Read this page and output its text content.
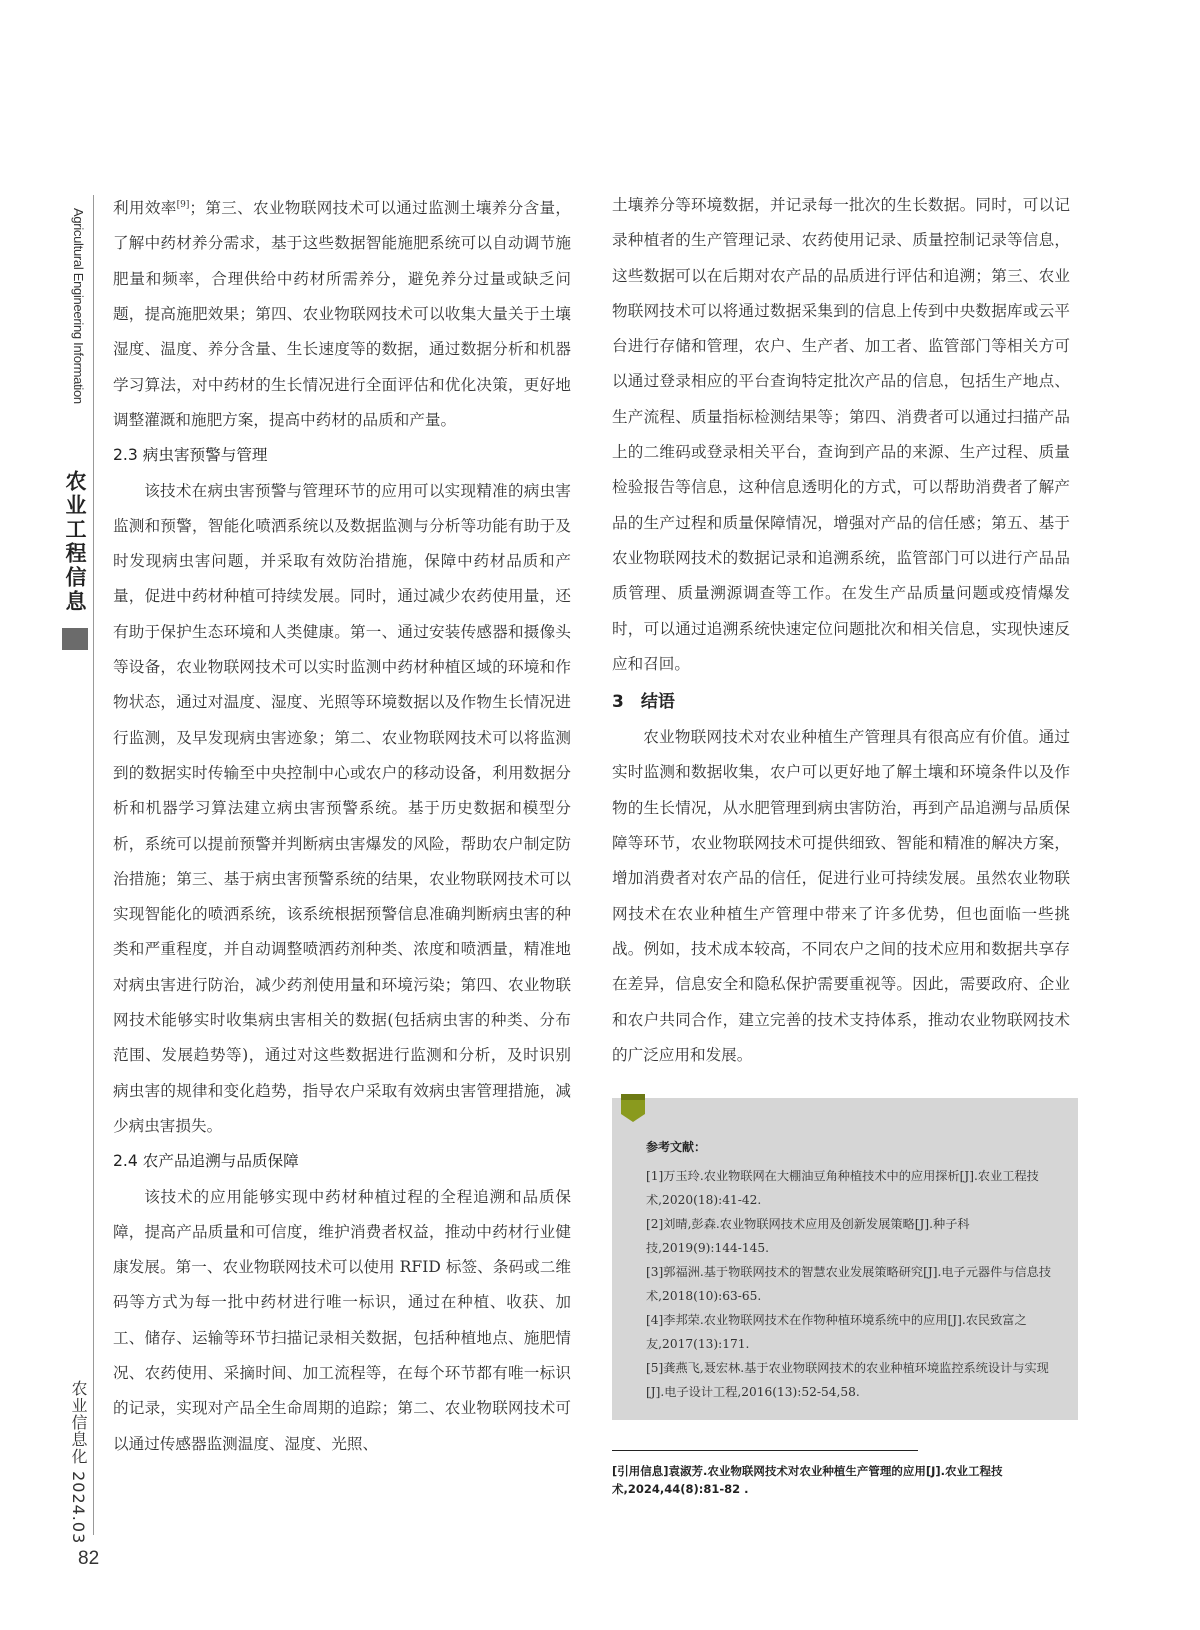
Agricultural Engineering Information
农业工程信息
农业信息化 2024.03
82

利用效率[9]；第三、农业物联网技术可以通过监测土壤养分含量，了解中药材养分需求，基于这些数据智能施肥系统可以自动调节施肥量和频率，合理供给中药材所需养分，避免养分过量或缺乏问题，提高施肥效果；第四、农业物联网技术可以收集大量关于土壤湿度、温度、养分含量、生长速度等的数据，通过数据分析和机器学习算法，对中药材的生长情况进行全面评估和优化决策，更好地调整灌溉和施肥方案，提高中药材的品质和产量。

2.3 病虫害预警与管理

该技术在病虫害预警与管理环节的应用可以实现精准的病虫害监测和预警，智能化喷洒系统以及数据监测与分析等功能有助于及时发现病虫害问题，并采取有效防治措施，保障中药材品质和产量，促进中药材种植可持续发展。同时，通过减少农药使用量，还有助于保护生态环境和人类健康。第一、通过安装传感器和摄像头等设备，农业物联网技术可以实时监测中药材种植区域的环境和作物状态，通过对温度、湿度、光照等环境数据以及作物生长情况进行监测，及早发现病虫害迹象；第二、农业物联网技术可以将监测到的数据实时传输至中央控制中心或农户的移动设备，利用数据分析和机器学习算法建立病虫害预警系统。基于历史数据和模型分析，系统可以提前预警并判断病虫害爆发的风险，帮助农户制定防治措施；第三、基于病虫害预警系统的结果，农业物联网技术可以实现智能化的喷洒系统，该系统根据预警信息准确判断病虫害的种类和严重程度，并自动调整喷洒药剂种类、浓度和喷洒量，精准地对病虫害进行防治，减少药剂使用量和环境污染；第四、农业物联网技术能够实时收集病虫害相关的数据(包括病虫害的种类、分布范围、发展趋势等)，通过对这些数据进行监测和分析，及时识别病虫害的规律和变化趋势，指导农户采取有效病虫害管理措施，减少病虫害损失。

2.4 农产品追溯与品质保障

该技术的应用能够实现中药材种植过程的全程追溯和品质保障，提高产品质量和可信度，维护消费者权益，推动中药材行业健康发展。第一、农业物联网技术可以使用 RFID 标签、条码或二维码等方式为每一批中药材进行唯一标识，通过在种植、收获、加工、储存、运输等环节扫描记录相关数据，包括种植地点、施肥情况、农药使用、采摘时间、加工流程等，在每个环节都有唯一标识的记录，实现对产品全生命周期的追踪；第二、农业物联网技术可以通过传感器监测温度、湿度、光照、

土壤养分等环境数据，并记录每一批次的生长数据。同时，可以记录种植者的生产管理记录、农药使用记录、质量控制记录等信息，这些数据可以在后期对农产品的品质进行评估和追溯；第三、农业物联网技术可以将通过数据采集到的信息上传到中央数据库或云平台进行存储和管理，农户、生产者、加工者、监管部门等相关方可以通过登录相应的平台查询特定批次产品的信息，包括生产地点、生产流程、质量指标检测结果等；第四、消费者可以通过扫描产品上的二维码或登录相关平台，查询到产品的来源、生产过程、质量检验报告等信息，这种信息透明化的方式，可以帮助消费者了解产品的生产过程和质量保障情况，增强对产品的信任感；第五、基于农业物联网技术的数据记录和追溯系统，监管部门可以进行产品品质管理、质量溯源调查等工作。在发生产品质量问题或疫情爆发时，可以通过追溯系统快速定位问题批次和相关信息，实现快速反应和召回。

3　结语

农业物联网技术对农业种植生产管理具有很高应有价值。通过实时监测和数据收集，农户可以更好地了解土壤和环境条件以及作物的生长情况，从水肥管理到病虫害防治，再到产品追溯与品质保障等环节，农业物联网技术可提供细致、智能和精准的解决方案，增加消费者对农产品的信任，促进行业可持续发展。虽然农业物联网技术在农业种植生产管理中带来了许多优势，但也面临一些挑战。例如，技术成本较高，不同农户之间的技术应用和数据共享存在差异，信息安全和隐私保护需要重视等。因此，需要政府、企业和农户共同合作，建立完善的技术支持体系，推动农业物联网技术的广泛应用和发展。

参考文献：
[1]万玉玲.农业物联网在大棚油豆角种植技术中的应用探析[J].农业工程技术,2020(18):41-42.
[2]刘晴,彭森.农业物联网技术应用及创新发展策略[J].种子科技,2019(9):144-145.
[3]郭福洲.基于物联网技术的智慧农业发展策略研究[J].电子元器件与信息技术,2018(10):63-65.
[4]李邦荣.农业物联网技术在作物种植环境系统中的应用[J].农民致富之友,2017(13):171.
[5]龚燕飞,聂宏林.基于农业物联网技术的农业种植环境监控系统设计与实现[J].电子设计工程,2016(13):52-54,58.
[引用信息]袁淑芳.农业物联网技术对农业种植生产管理的应用[J].农业工程技术,2024,44(8):81-82 .
